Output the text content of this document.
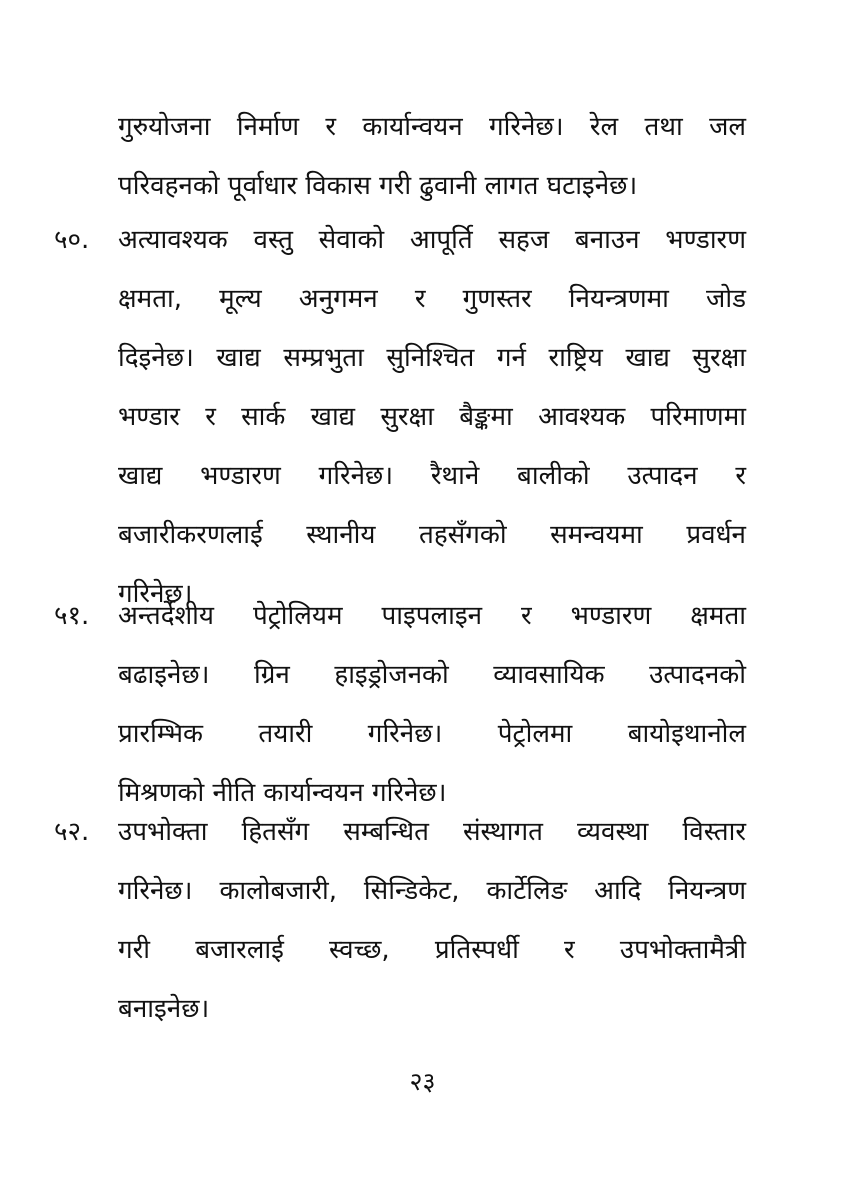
गुरुयोजना निर्माण र कार्यान्वयन गरिनेछ। रेल तथा जल
परिवहनको पूर्वाधार विकास गरी ढुवानी लागत घटाइनेछ।
५०. अत्यावश्यक वस्तु सेवाको आपूर्ति सहज बनाउन भण्डारण
क्षमता, मूल्य अनुगमन र गुणस्तर नियन्त्रणमा जोड
दिइनेछ। खाद्य सम्प्रभुता सुनिश्चित गर्न राष्ट्रिय खाद्य सुरक्षा
भण्डार र सार्क खाद्य सुरक्षा बैङ्कमा आवश्यक परिमाणमा
खाद्य भण्डारण गरिनेछ। रैथाने बालीको उत्पादन र
बजारीकरणलाई स्थानीय तहसँगको समन्वयमा प्रवर्धन
गरिनेछ।
५१. अन्तर्देशीय पेट्रोलियम पाइपलाइन र भण्डारण क्षमता
बढाइनेछ। ग्रिन हाइड्रोजनको व्यावसायिक उत्पादनको
प्रारम्भिक तयारी गरिनेछ। पेट्रोलमा बायोइथानोल
मिश्रणको नीति कार्यान्वयन गरिनेछ।
५२. उपभोक्ता हितसँग सम्बन्धित संस्थागत व्यवस्था विस्तार
गरिनेछ। कालोबजारी, सिन्डिकेट, कार्टेलिङ आदि नियन्त्रण
गरी बजारलाई स्वच्छ, प्रतिस्पर्धी र उपभोक्तामैत्री
बनाइनेछ।
२३
